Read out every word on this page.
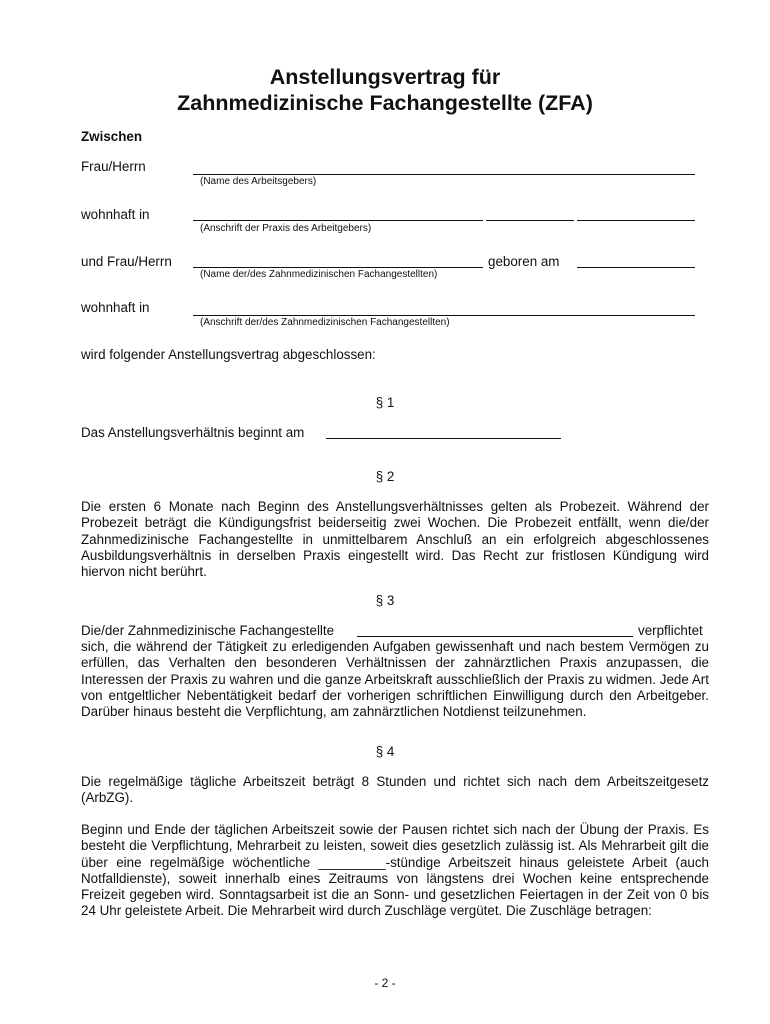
Anstellungsvertrag für
Zahnmedizinische Fachangestellte (ZFA)
Zwischen
Frau/Herrn
(Name des Arbeitsgebers)
wohnhaft in
(Anschrift der Praxis des Arbeitgebers)
und Frau/Herrn	geboren am
(Name der/des Zahnmedizinischen Fachangestellten)
wohnhaft in
(Anschrift der/des Zahnmedizinischen Fachangestellten)
wird folgender Anstellungsvertrag abgeschlossen:
§ 1
Das Anstellungsverhältnis beginnt am
§ 2
Die ersten 6 Monate nach Beginn des Anstellungsverhältnisses gelten als Probezeit. Während der Probezeit beträgt die Kündigungsfrist beiderseitig zwei Wochen. Die Probezeit entfällt, wenn die/der Zahnmedizinische Fachangestellte in unmittelbarem Anschluß an ein erfolgreich abgeschlossenes Ausbildungsverhältnis in derselben Praxis eingestellt wird. Das Recht zur fristlosen Kündigung wird hiervon nicht berührt.
§ 3
Die/der Zahnmedizinische Fachangestellte	verpflichtet
sich, die während der Tätigkeit zu erledigenden Aufgaben gewissenhaft und nach bestem Vermögen zu erfüllen, das Verhalten den besonderen Verhältnissen der zahnärztlichen Praxis anzupassen, die Interessen der Praxis zu wahren und die ganze Arbeitskraft ausschließlich der Praxis zu widmen. Jede Art von entgeltlicher Nebentätigkeit bedarf der vorherigen schriftlichen Einwilligung durch den Arbeitgeber. Darüber hinaus besteht die Verpflichtung, am zahnärztlichen Notdienst teilzunehmen.
§ 4
Die regelmäßige tägliche Arbeitszeit beträgt 8 Stunden und richtet sich nach dem Arbeitszeitgesetz (ArbZG).
Beginn und Ende der täglichen Arbeitszeit sowie der Pausen richtet sich nach der Übung der Praxis. Es besteht die Verpflichtung, Mehrarbeit zu leisten, soweit dies gesetzlich zulässig ist. Als Mehrarbeit gilt die über eine regelmäßige wöchentliche _________-stündige Arbeitszeit hinaus geleistete Arbeit (auch Notfalldienste), soweit innerhalb eines Zeitraums von längstens drei Wochen keine entsprechende Freizeit gegeben wird. Sonntagsarbeit ist die an Sonn- und gesetzlichen Feiertagen in der Zeit von 0 bis 24 Uhr geleistete Arbeit. Die Mehrarbeit wird durch Zuschläge vergütet. Die Zuschläge betragen:
- 2 -
